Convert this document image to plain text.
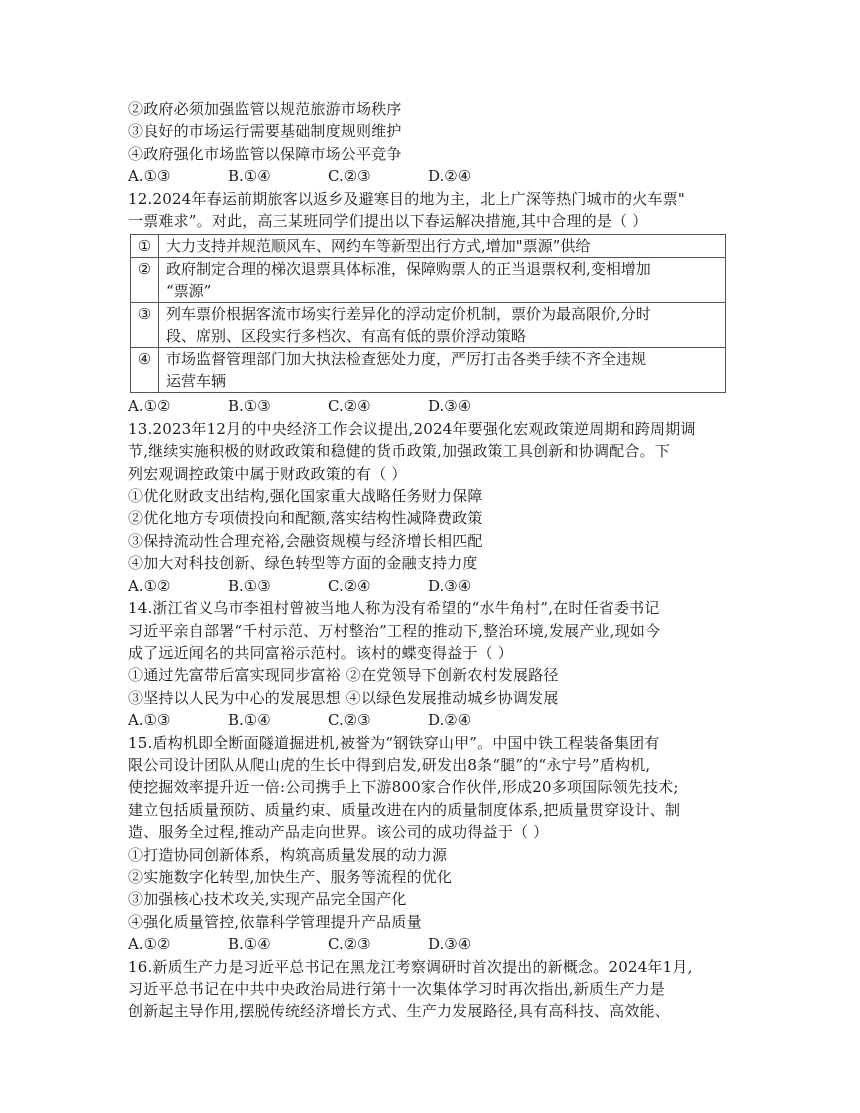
②政府必须加强监管以规范旅游市场秩序
③良好的市场运行需要基础制度规则维护
④政府强化市场监管以保障市场公平竞争
A.①③	B.①④	C.②③	D.②④
12.2024年春运前期旅客以返乡及避寒目的地为主，北上广深等热门城市的火车票"
一票难求”。对此，高三某班同学们提出以下春运解决措施,其中合理的是（ ）
①	大力支持并规范顺风车、网约车等新型出行方式,增加"票源”供给

②	政府制定合理的梯次退票具体标准，保障购票人的正当退票权利,变相增加
“票源”

③	列车票价根据客流市场实行差异化的浮动定价机制，票价为最高限价,分时
段、席别、区段实行多档次、有高有低的票价浮动策略

④	市场监督管理部门加大执法检查惩处力度，严厉打击各类手续不齐全违规
运营车辆
A.①②	B.①③	C.②④	D.③④
13.2023年12月的中央经济工作会议提出,2024年要强化宏观政策逆周期和跨周期调
节,继续实施积极的财政政策和稳健的货币政策,加强政策工具创新和协调配合。下
列宏观调控政策中属于财政政策的有（ ）
①优化财政支出结构,强化国家重大战略任务财力保障
②优化地方专项债投向和配额,落实结构性减降费政策
③保持流动性合理充裕,会融资规模与经济增长相匹配
④加大对科技创新、绿色转型等方面的金融支持力度
A.①②	B.①③	C.②④	D.③④
14.浙江省义乌市李祖村曾被当地人称为没有希望的“水牛角村”,在时任省委书记
习近平亲自部署“千村示范、万村整治”工程的推动下,整治环境,发展产业,现如今
成了远近闻名的共同富裕示范村。该村的蝶变得益于（ ）
①通过先富带后富实现同步富裕 ②在党领导下创新农村发展路径
③坚持以人民为中心的发展思想 ④以绿色发展推动城乡协调发展
A.①③	B.①④	C.②③	D.②④
15.盾构机即全断面隧道掘进机,被誉为“钢铁穿山甲”。中国中铁工程装备集团有
限公司设计团队从爬山虎的生长中得到启发,研发出8条“腿”的“永宁号”盾构机,
使挖掘效率提升近一倍:公司携手上下游800家合作伙伴,形成20多项国际领先技术;
建立包括质量预防、质量约束、质量改进在内的质量制度体系,把质量贯穿设计、制
造、服务全过程,推动产品走向世界。该公司的成功得益于（ ）
①打造协同创新体系，构筑高质量发展的动力源
②实施数字化转型,加快生产、服务等流程的优化
③加强核心技术攻关,实现产品完全国产化
④强化质量管控,依靠科学管理提升产品质量
A.①②	B.①④	C.②③	D.③④
16.新质生产力是习近平总书记在黑龙江考察调研时首次提出的新概念。2024年1月,
习近平总书记在中共中央政治局进行第十一次集体学习时再次指出,新质生产力是
创新起主导作用,摆脱传统经济增长方式、生产力发展路径,具有高科技、高效能、
